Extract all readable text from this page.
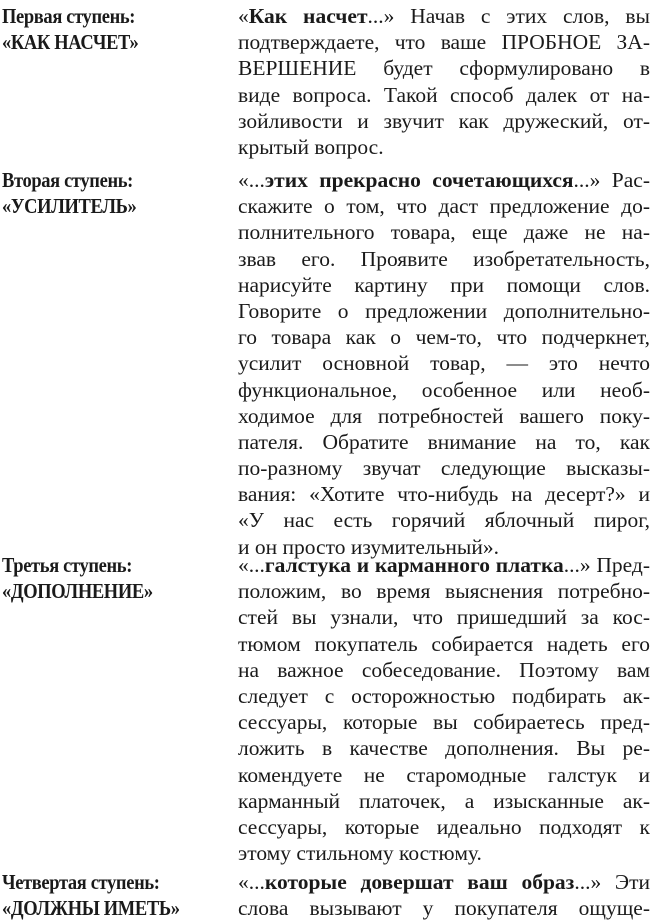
Первая ступень:
«КАК НАСЧЕТ»
«Как насчет...» Начав с этих слов, вы
подтверждаете, что ваше ПРОБНОЕ ЗА-
ВЕРШЕНИЕ будет сформулировано в
виде вопроса. Такой способ далек от на-
зойливости и звучит как дружеский, от-
крытый вопрос.
Вторая ступень:
«УСИЛИТЕЛЬ»
«...этих прекрасно сочетающихся...» Рас-
скажите о том, что даст предложение до-
полнительного товара, еще даже не на-
звав его. Проявите изобретательность,
нарисуйте картину при помощи слов.
Говорите о предложении дополнительно-
го товара как о чем-то, что подчеркнет,
усилит основной товар, — это нечто
функциональное, особенное или необ-
ходимое для потребностей вашего поку-
пателя. Обратите внимание на то, как
по-разному звучат следующие высказы-
вания: «Хотите что-нибудь на десерт?» и
«У нас есть горячий яблочный пирог,
и он просто изумительный».
Третья ступень:
«ДОПОЛНЕНИЕ»
«...галстука и карманного платка...» Пред-
положим, во время выяснения потребно-
стей вы узнали, что пришедший за кос-
тюмом покупатель собирается надеть его
на важное собеседование. Поэтому вам
следует с осторожностью подбирать ак-
сессуары, которые вы собираетесь пред-
ложить в качестве дополнения. Вы ре-
комендуете не старомодные галстук и
карманный платочек, а изысканные ак-
сессуары, которые идеально подходят к
этому стильному костюму.
Четвертая ступень:
«ДОЛЖНЫ ИМЕТЬ»
«...которые довершат ваш образ...» Эти
слова вызывают у покупателя ощуще-
